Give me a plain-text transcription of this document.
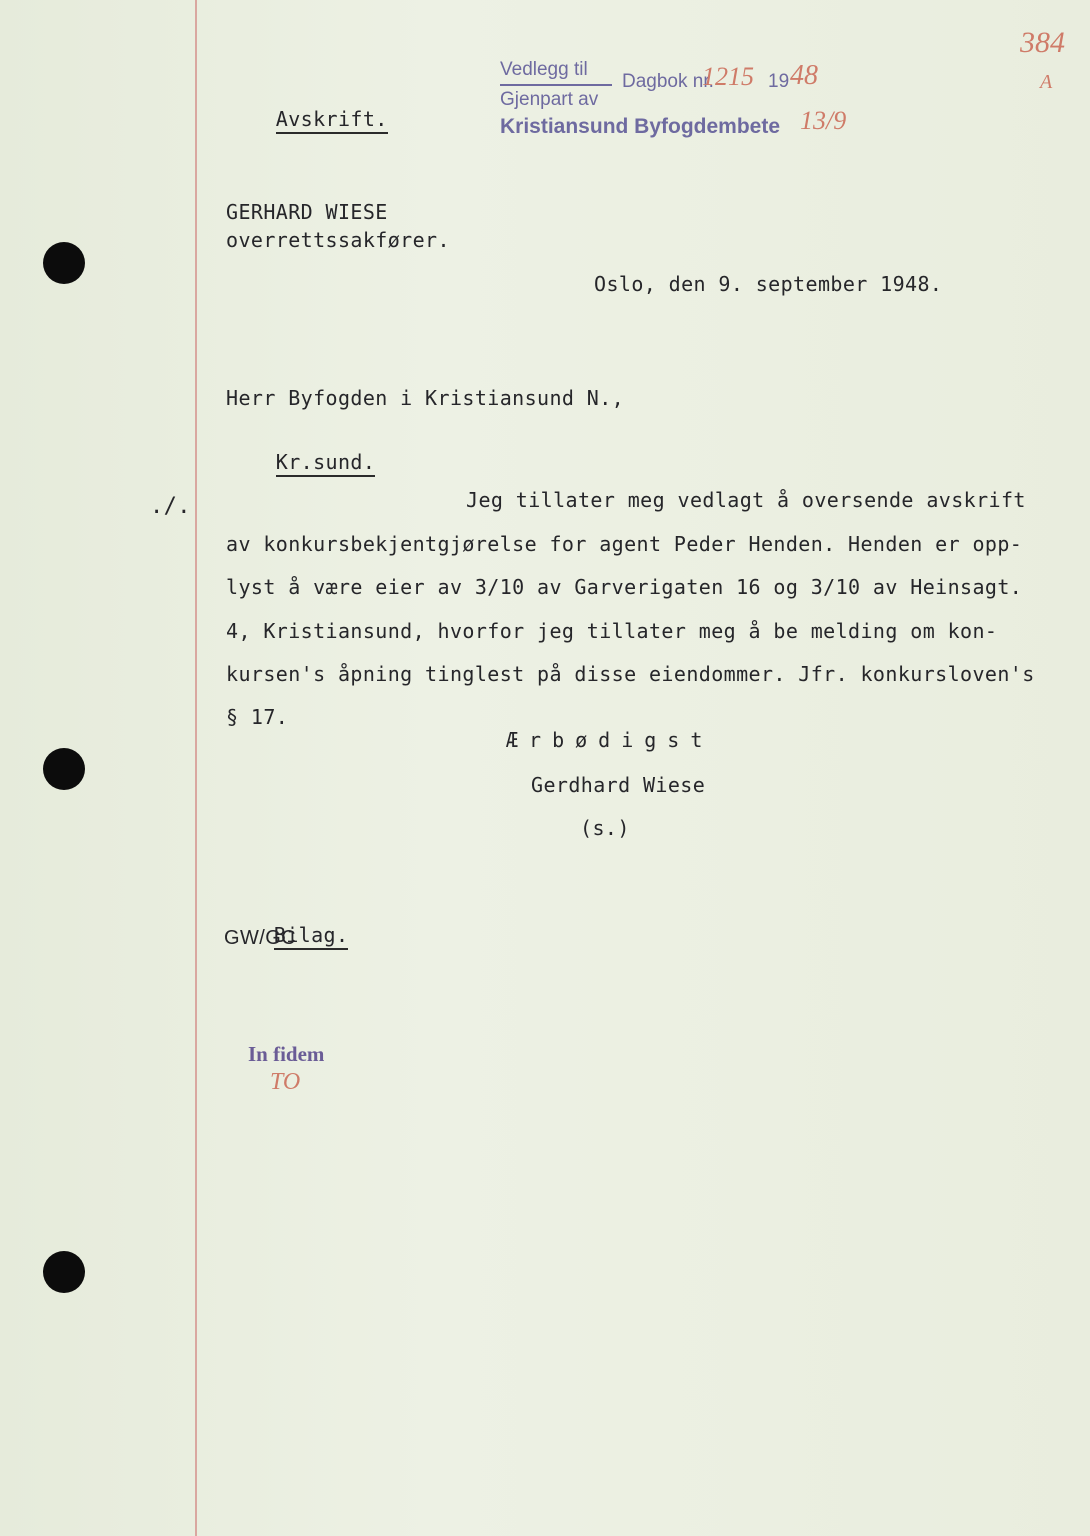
Avskrift.

Vedlegg til
Dagbok nr.
1215 19 48
Gjenpart av
Kristiansund Byfogdembete 13/9
384
A
GERHARD WIESE
overrettssakfører.
Oslo, den 9. september 1948.
Herr Byfogden i Kristiansund N.,

Kr.sund.

./.	Jeg tillater meg vedlagt å oversende avskrift
av konkursbekjentgjørelse for agent Peder Henden. Henden er opp-
lyst å være eier av 3/10 av Garverigaten 16 og 3/10 av Heinsagt.
4, Kristiansund, hvorfor jeg tillater meg å be melding om kon-
kursen's åpning tinglest på disse eiendommer. Jfr. konkursloven's
§ 17.
Ærbødigst
Gerdhard Wiese
(s.)

Bilag.

GW/GC
In fidem
TO
